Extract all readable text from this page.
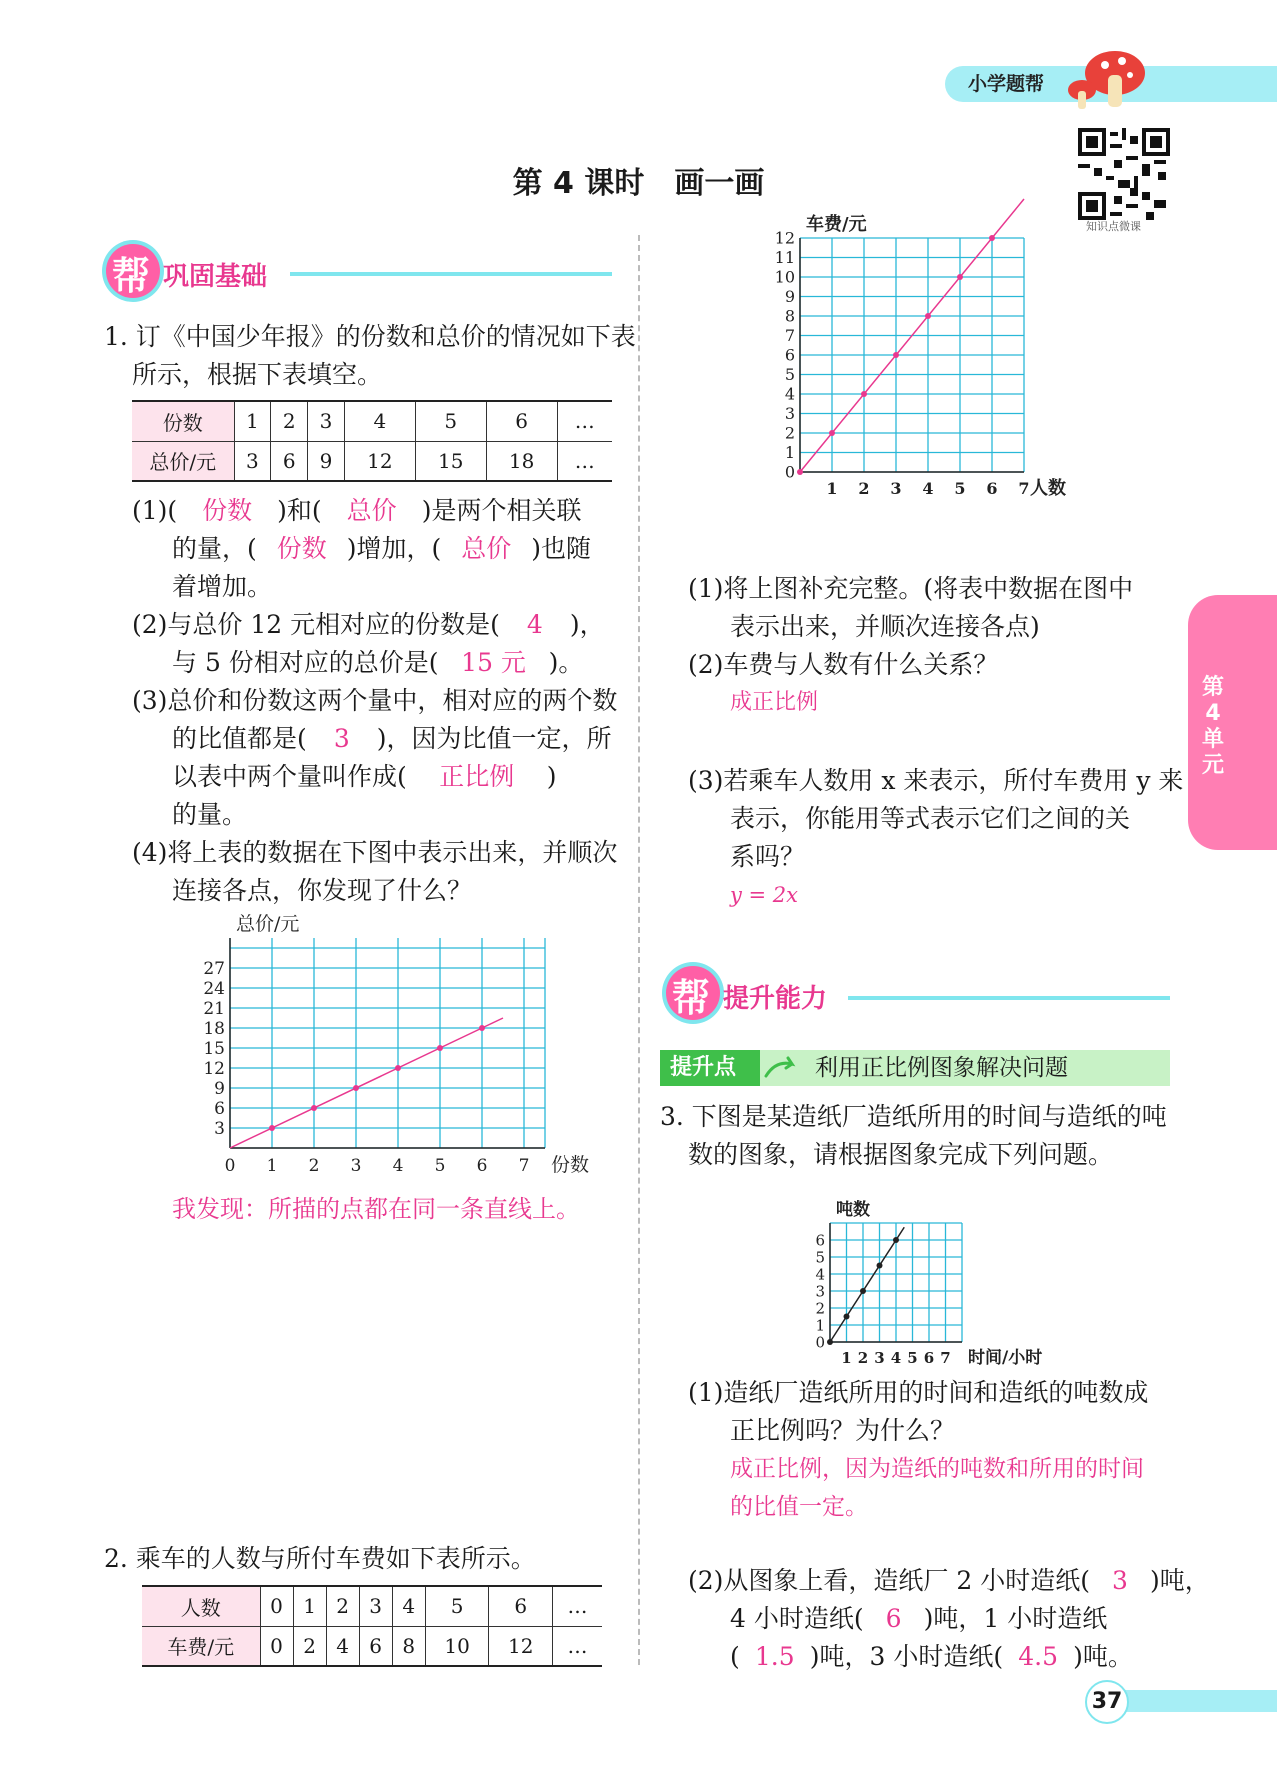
小学题帮
第 4 课时　画一画
知识点微课
帮 巩固基础
1. 订《中国少年报》的份数和总价的情况如下表
所示，根据下表填空。
份数	1	2	3	4	5	6	…
总价/元	3	6	9	12	15	18	…
(1)( 份数 )和( 总价 )是两个相关联
的量，( 份数 )增加，( 总价 )也随
着增加。
(2)与总价 12 元相对应的份数是( 4 )，
与 5 份相对应的总价是( 15 元 )。
(3)总价和份数这两个量中，相对应的两个数
的比值都是( 3 )，因为比值一定，所
以表中两个量叫作成( 正比例 )
的量。
(4)将上表的数据在下图中表示出来，并顺次
连接各点，你发现了什么？
0 1 2 3 4 5 6 7
3
6
9
12
15
18
21
24
27
份数
总价/元
我发现：所描的点都在同一条直线上。
2. 乘车的人数与所付车费如下表所示。
人数	0	1	2	3	4	5	6	…
车费/元	0	2	4	6	8	10	12	…
1 2 3 4 5 6 7
0
1
2
3
4
5
6
7
8
9
10
11
12
人数
车费/元
(1)将上图补充完整。(将表中数据在图中
表示出来，并顺次连接各点)
(2)车费与人数有什么关系？
成正比例
(3)若乘车人数用 x 来表示，所付车费用 y 来
表示，你能用等式表示它们之间的关
系吗？
y = 2x
第4单元
帮 提升能力
提升点	利用正比例图象解决问题
3. 下图是某造纸厂造纸所用的时间与造纸的吨
数的图象，请根据图象完成下列问题。
1 2 3 4 5 6 7
0
1
2
3
4
5
6
时间/小时
吨数
(1)造纸厂造纸所用的时间和造纸的吨数成
正比例吗？为什么？
成正比例，因为造纸的吨数和所用的时间
的比值一定。
(2)从图象上看，造纸厂 2 小时造纸( 3 )吨，
4 小时造纸( 6 )吨，1 小时造纸
( 1.5 )吨，3 小时造纸( 4.5 )吨。
37
